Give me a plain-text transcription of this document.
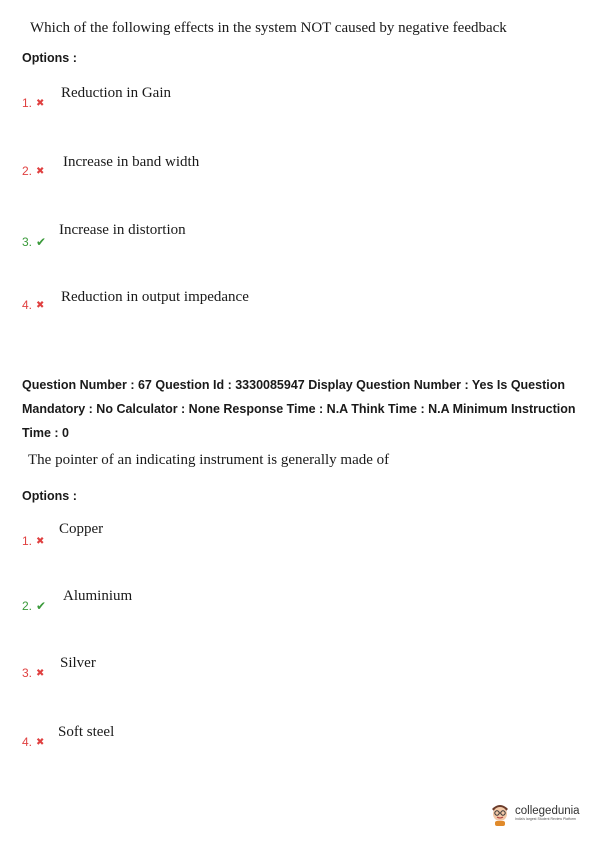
Which of the following effects in the system NOT caused by negative feedback
Options :
1. ✖
Reduction in Gain
2. ✖
Increase in band width
3. ✔
Increase in distortion
4. ✖ Reduction in output impedance
Question Number : 67 Question Id : 3330085947 Display Question Number : Yes Is Question
Mandatory : No Calculator : None Response Time : N.A Think Time : N.A Minimum Instruction
Time : 0
The pointer of an indicating instrument is generally made of
Options :
1. ✖
Copper
2. ✔
Aluminium
3. ✖
Silver
4. ✖
Soft steel
collegedunia
India's largest Student Review Platform
